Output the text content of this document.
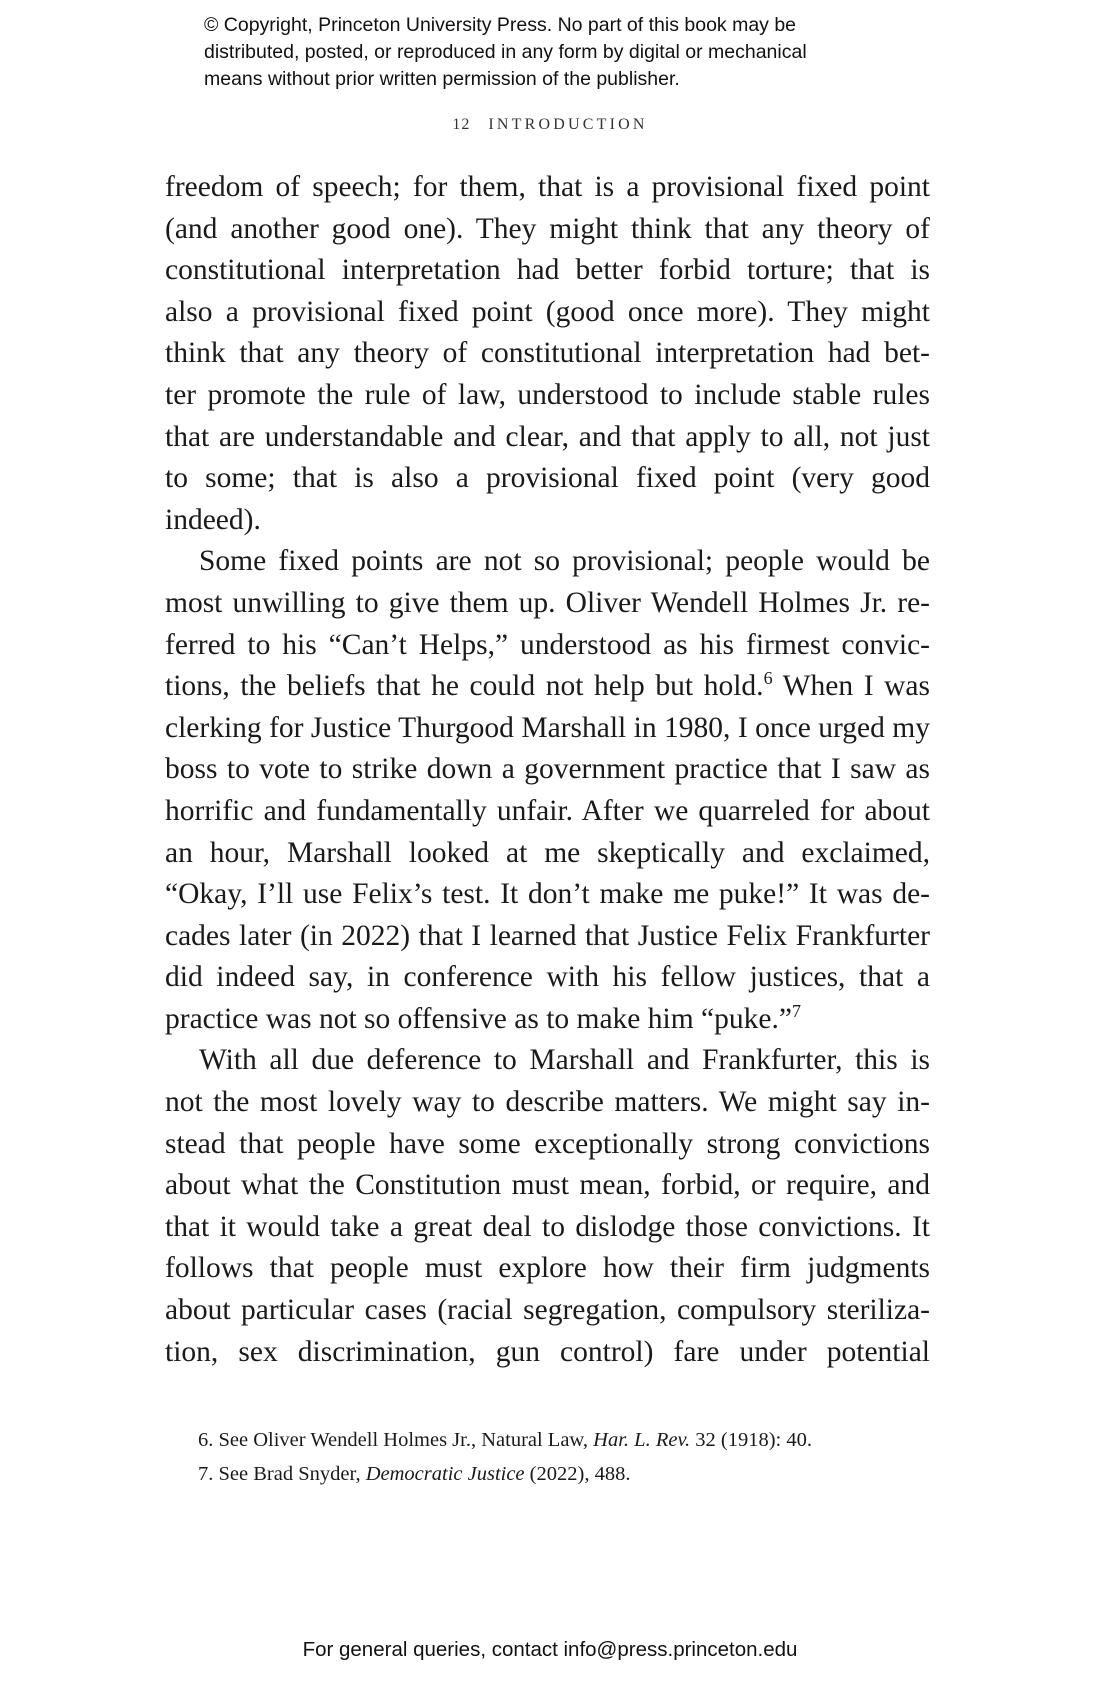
© Copyright, Princeton University Press. No part of this book may be
distributed, posted, or reproduced in any form by digital or mechanical
means without prior written permission of the publisher.
12 INTRODUCTION
freedom of speech; for them, that is a provisional fixed point
(and another good one). They might think that any theory of
constitutional interpretation had better forbid torture; that is
also a provisional fixed point (good once more). They might
think that any theory of constitutional interpretation had bet-
ter promote the rule of law, understood to include stable rules
that are understandable and clear, and that apply to all, not just
to some; that is also a provisional fixed point (very good
indeed).
Some fixed points are not so provisional; people would be
most unwilling to give them up. Oliver Wendell Holmes Jr. re-
ferred to his “Can’t Helps,” understood as his firmest convic-
tions, the beliefs that he could not help but hold.$^6$ When I was
clerking for Justice Thurgood Marshall in 1980, I once urged my
boss to vote to strike down a government practice that I saw as
horrific and fundamentally unfair. After we quarreled for about
an hour, Marshall looked at me skeptically and exclaimed,
“Okay, I’ll use Felix’s test. It don’t make me puke!” It was de-
cades later (in 2022) that I learned that Justice Felix Frankfurter
did indeed say, in conference with his fellow justices, that a
practice was not so offensive as to make him “puke.”$^7$
With all due deference to Marshall and Frankfurter, this is
not the most lovely way to describe matters. We might say in-
stead that people have some exceptionally strong convictions
about what the Constitution must mean, forbid, or require, and
that it would take a great deal to dislodge those convictions. It
follows that people must explore how their firm judgments
about particular cases (racial segregation, compulsory steriliza-
tion, sex discrimination, gun control) fare under potential
6. See Oliver Wendell Holmes Jr., Natural Law, Har. L. Rev. 32 (1918): 40.
7. See Brad Snyder, Democratic Justice (2022), 488.
For general queries, contact info@press.princeton.edu
